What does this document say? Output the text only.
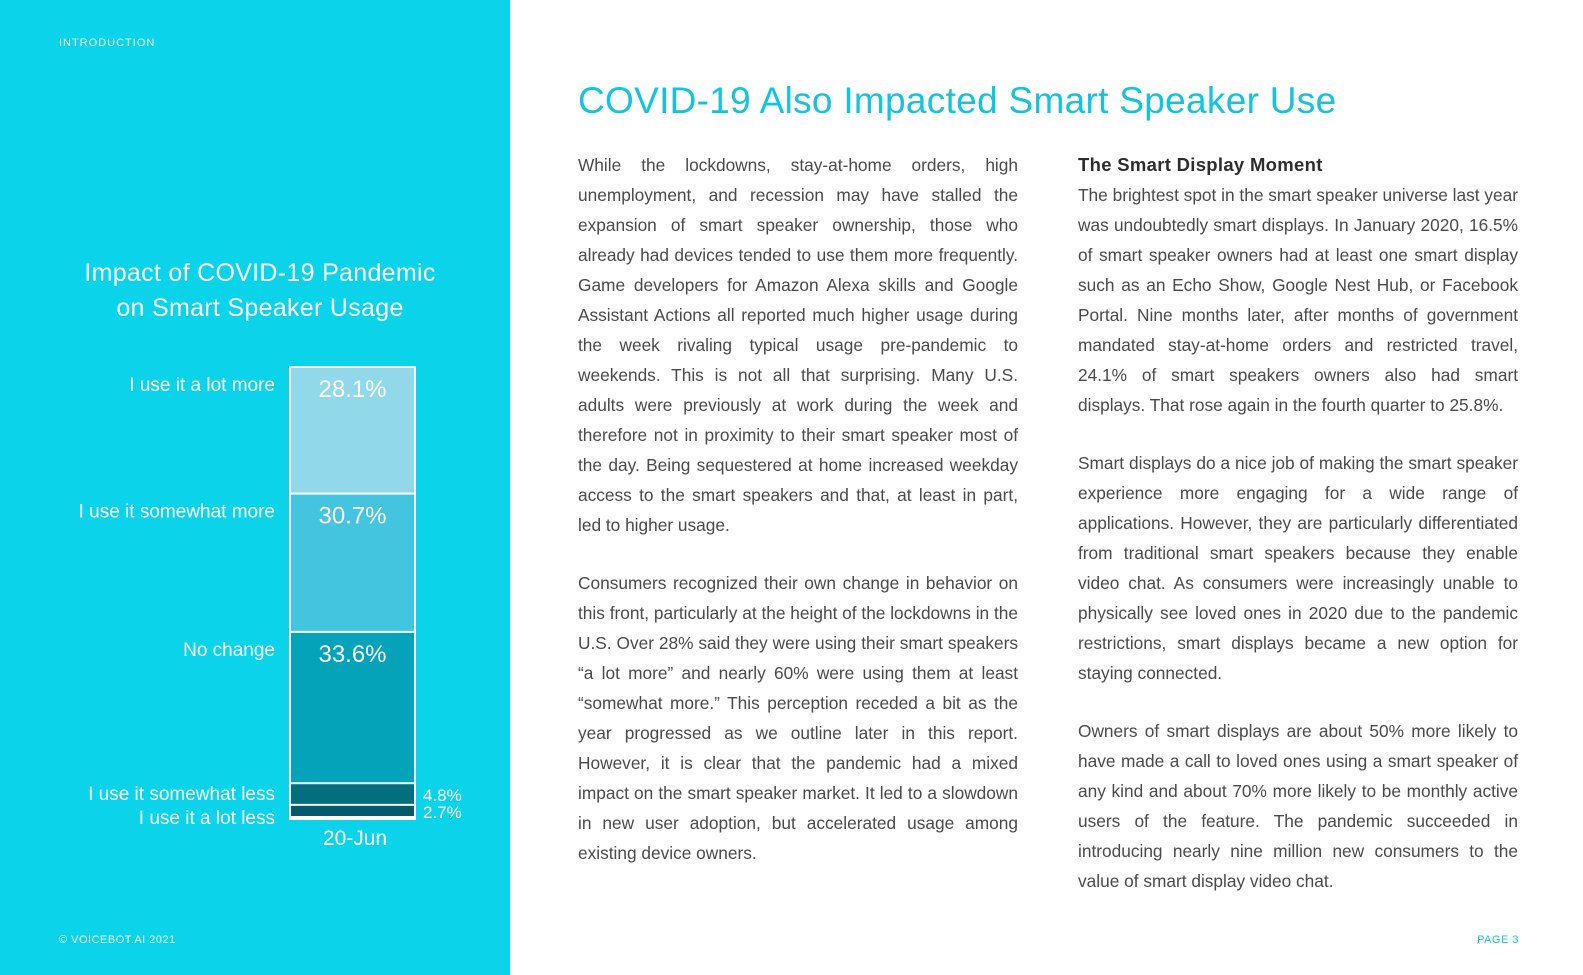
INTRODUCTION
Impact of COVID-19 Pandemic
on Smart Speaker Usage
I use it a lot more 28.1%
I use it somewhat more 30.7%
No change 33.6%
I use it somewhat less	4.8%
I use it a lot less	2.7%
20-Jun
© VOICEBOT.AI 2021
COVID-19 Also Impacted Smart Speaker Use

While the lockdowns, stay-at-home orders, high unemployment, and recession may have stalled the expansion of smart speaker ownership, those who already had devices tended to use them more frequently. Game developers for Amazon Alexa skills and Google Assistant Actions all reported much higher usage during the week rivaling typical usage pre-pandemic to weekends. This is not all that surprising. Many U.S. adults were previously at work during the week and therefore not in proximity to their smart speaker most of the day. Being sequestered at home increased weekday access to the smart speakers and that, at least in part, led to higher usage.

Consumers recognized their own change in behavior on this front, particularly at the height of the lockdowns in the U.S. Over 28% said they were using their smart speakers “a lot more” and nearly 60% were using them at least “somewhat more.” This perception receded a bit as the year progressed as we outline later in this report. However, it is clear that the pandemic had a mixed impact on the smart speaker market. It led to a slowdown in new user adoption, but accelerated usage among existing device owners.

The Smart Display Moment

The brightest spot in the smart speaker universe last year was undoubtedly smart displays. In January 2020, 16.5% of smart speaker owners had at least one smart display such as an Echo Show, Google Nest Hub, or Facebook Portal. Nine months later, after months of government mandated stay-at-home orders and restricted travel, 24.1% of smart speakers owners also had smart displays. That rose again in the fourth quarter to 25.8%.

Smart displays do a nice job of making the smart speaker experience more engaging for a wide range of applications. However, they are particularly differentiated from traditional smart speakers because they enable video chat. As consumers were increasingly unable to physically see loved ones in 2020 due to the pandemic restrictions, smart displays became a new option for staying connected.

Owners of smart displays are about 50% more likely to have made a call to loved ones using a smart speaker of any kind and about 70% more likely to be monthly active users of the feature. The pandemic succeeded in introducing nearly nine million new consumers to the value of smart display video chat.

PAGE 3
